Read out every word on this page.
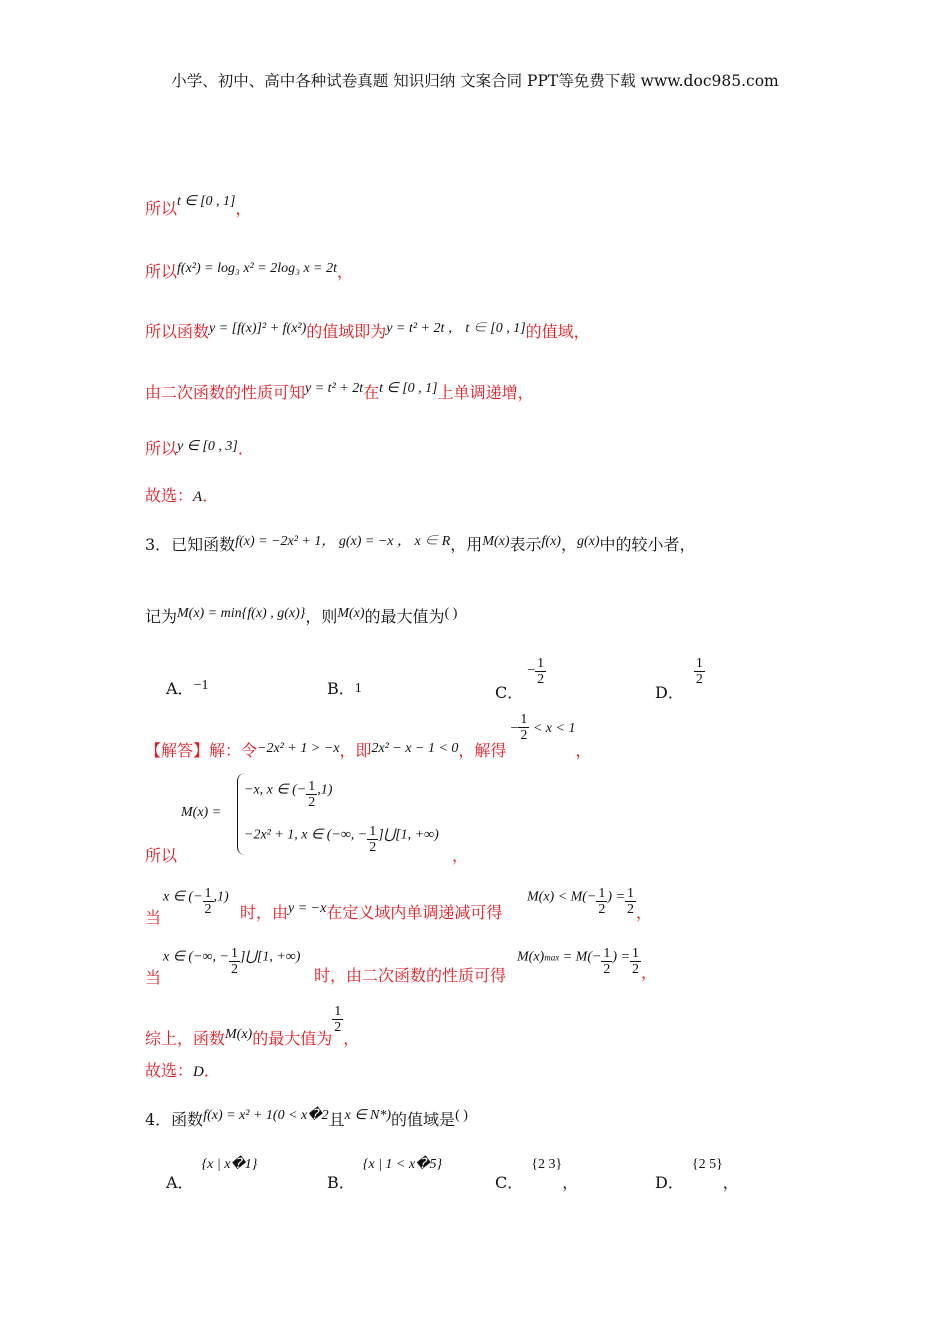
小学、初中、高中各种试卷真题 知识归纳 文案合同 PPT等免费下载 www.doc985.com
所以t ∈ [0 , 1]，
所以f(x²) = log₃ x² = 2log₃ x = 2t，
所以函数y = [f(x)]² + f(x²)的值域即为y = t² + 2t ， t ∈ [0 , 1]的值域，
由二次函数的性质可知y = t² + 2t在t ∈ [0 , 1]上单调递增，
所以y ∈ [0 , 3]．
故选：A．
3．已知函数f(x) = −2x² + 1， g(x) = −x ， x ∈ R，用M(x)表示f(x)，g(x)中的较小者，
记为M(x) = min{f(x) , g(x)}，则M(x)的最大值为( )
A．−1	B．1	C．− $\frac{1}{2}$
D．
$\frac{1}{2}$
【解答】解：令−2x² + 1 > −x，即2x² − x − 1 < 0，解得− $\frac{1}{2} < x < 1$，
M(x) =
−x, x ∈ (− $\frac{1}{2} ,1$)
−2x² + 1, x ∈ (−∞, − $\frac{1}{2}$ ]⋃[1, +∞)
所以	，
当
x ∈ (− $\frac{1}{2} ,1$)
时，由y = −x在定义域内单调递减可得
$M(x) < M(- \frac{1}{2}$ ) = $\frac{1}{2}$ ，
当
x ∈ (−∞, − $\frac{1}{2}$ ]⋃[1, +∞)
时，由二次函数的性质可得
$M(x)\max = M(- \frac{1}{2}$ ) = $\frac{1}{2}$ ，
综上，函数M(x)的最大值为
$\frac{1}{2}$
，
故选：D．
4．函数f(x) = x² + 1(0 < x�2且x ∈ N*)的值域是( )
A．{x | x�1}
B．{x | 1 < x�5}
C．{2 3}，	D．{2 5}，
